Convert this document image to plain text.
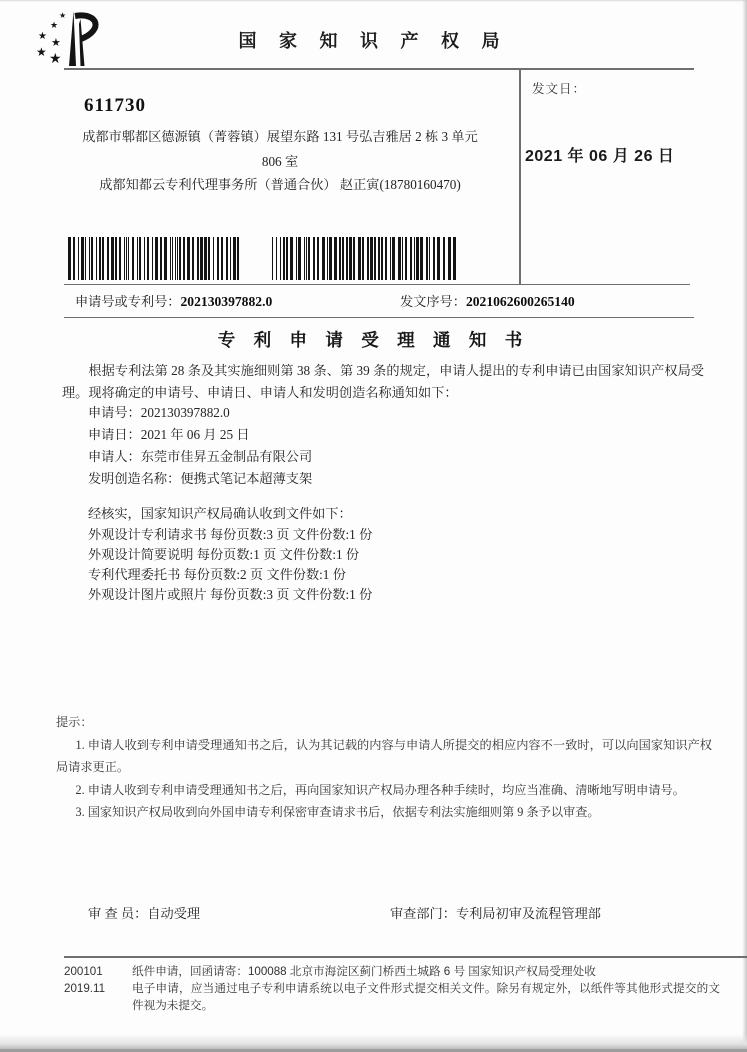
★
★
★ ★
★ ★
国 家 知 识 产 权 局
发文日：
2021 年 06 月 26 日
611730
成都市郫都区德源镇（菁蓉镇）展望东路 131 号弘吉雅居 2 栋 3 单元
806 室
成都知都云专利代理事务所（普通合伙） 赵正寅(18780160470)
申请号或专利号：202130397882.0	发文序号：2021062600265140
专 利 申 请 受 理 通 知 书
根据专利法第 28 条及其实施细则第 38 条、第 39 条的规定，申请人提出的专利申请已由国家知识产权局受理。现将确定的申请号、申请日、申请人和发明创造名称通知如下：
申请号：202130397882.0
申请日：2021 年 06 月 25 日
申请人：东莞市佳昇五金制品有限公司
发明创造名称：便携式笔记本超薄支架
经核实，国家知识产权局确认收到文件如下：
外观设计专利请求书 每份页数:3 页 文件份数:1 份
外观设计简要说明 每份页数:1 页 文件份数:1 份
专利代理委托书 每份页数:2 页 文件份数:1 份
外观设计图片或照片 每份页数:3 页 文件份数:1 份
提示：
1. 申请人收到专利申请受理通知书之后，认为其记载的内容与申请人所提交的相应内容不一致时，可以向国家知识产权局请求更正。
2. 申请人收到专利申请受理通知书之后，再向国家知识产权局办理各种手续时，均应当准确、清晰地写明申请号。
3. 国家知识产权局收到向外国申请专利保密审查请求书后，依据专利法实施细则第 9 条予以审查。
审 查 员：自动受理	审查部门：专利局初审及流程管理部
200101	纸件申请，回函请寄：100088 北京市海淀区蓟门桥西土城路 6 号 国家知识产权局受理处收
2019.11	电子申请，应当通过电子专利申请系统以电子文件形式提交相关文件。除另有规定外，以纸件等其他形式提交的文件视为未提交。
